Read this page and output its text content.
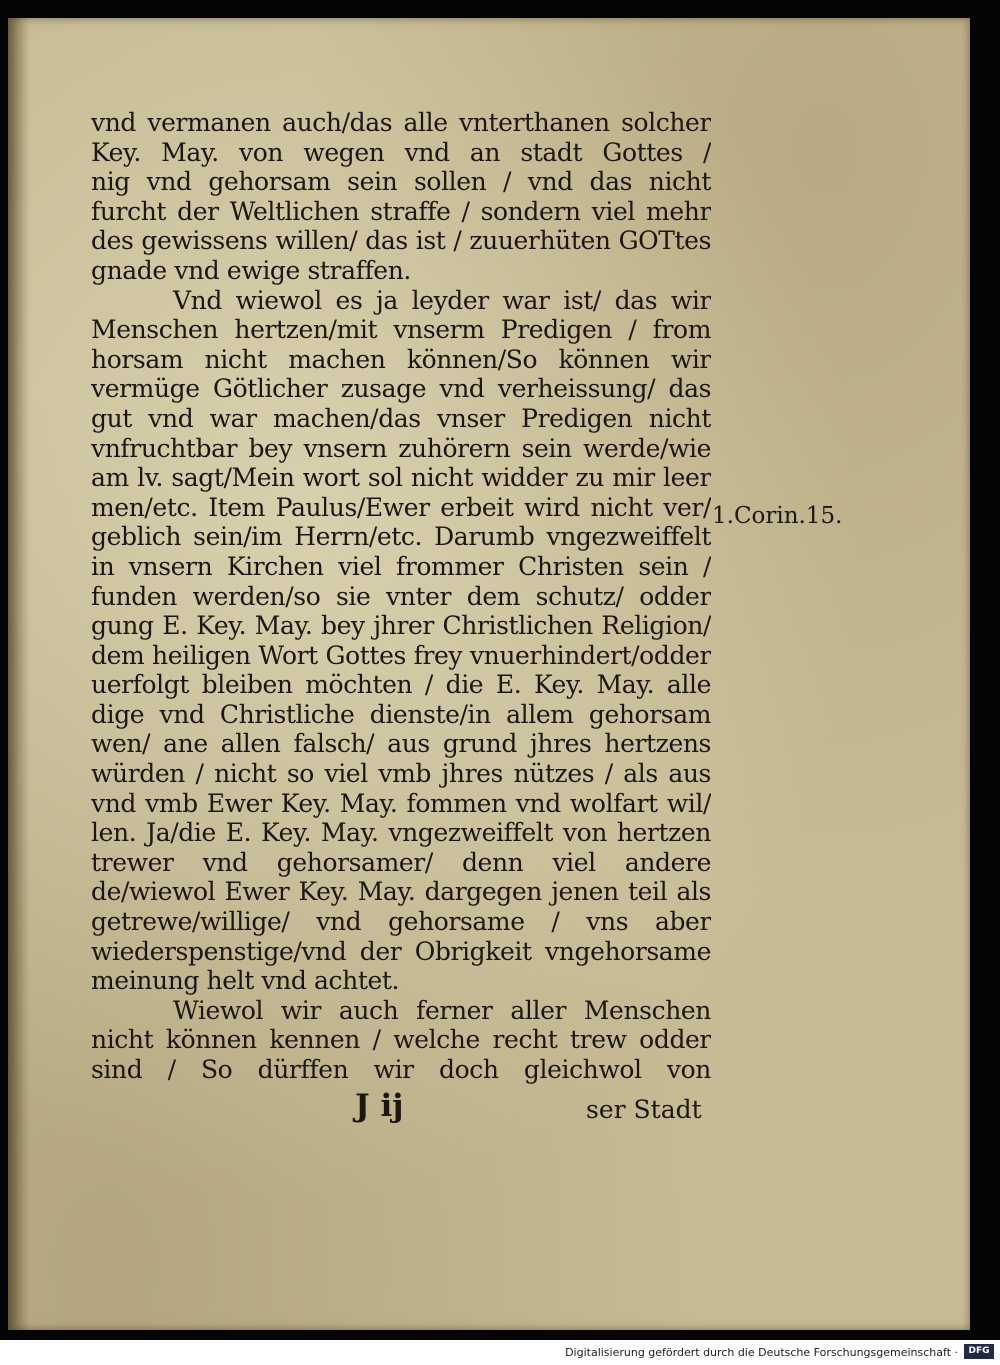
vnd vermanen auch/das alle vnterthanen solcher
Key. May. von wegen vnd an stadt Gottes /
nig vnd gehorsam sein sollen / vnd das nicht
furcht der Weltlichen straffe / sondern viel mehr
des gewissens willen/ das ist / zuuerhüten GOTtes
gnade vnd ewige straffen.
Vnd wiewol es ja leyder war ist/ das wir
Menschen hertzen/mit vnserm Predigen / from
horsam nicht machen können/So können wir
vermüge Götlicher zusage vnd verheissung/ das
gut vnd war machen/das vnser Predigen nicht
vnfruchtbar bey vnsern zuhörern sein werde/wie
am lv. sagt/Mein wort sol nicht widder zu mir leer
men/etc. Item Paulus/Ewer erbeit wird nicht ver/
geblich sein/im Herrn/etc. Darumb vngezweiffelt
in vnsern Kirchen viel frommer Christen sein /
funden werden/so sie vnter dem schutz/ odder
gung E. Key. May. bey jhrer Christlichen Religion/
dem heiligen Wort Gottes frey vnuerhindert/odder
uerfolgt bleiben möchten / die E. Key. May. alle
dige vnd Christliche dienste/in allem gehorsam
wen/ ane allen falsch/ aus grund jhres hertzens
würden / nicht so viel vmb jhres nützes / als aus
vnd vmb Ewer Key. May. fommen vnd wolfart wil/
len. Ja/die E. Key. May. vngezweiffelt von hertzen
trewer vnd gehorsamer/ denn viel andere
de/wiewol Ewer Key. May. dargegen jenen teil als
getrewe/willige/ vnd gehorsame / vns aber
wiederspenstige/vnd der Obrigkeit vngehorsame
meinung helt vnd achtet.
Wiewol wir auch ferner aller Menschen
nicht können kennen / welche recht trew odder
sind / So dürffen wir doch gleichwol von
1.Corin.15.
J ij	ser Stadt
Digitalisierung gefördert durch die Deutsche Forschungsgemeinschaft ·	DFG
